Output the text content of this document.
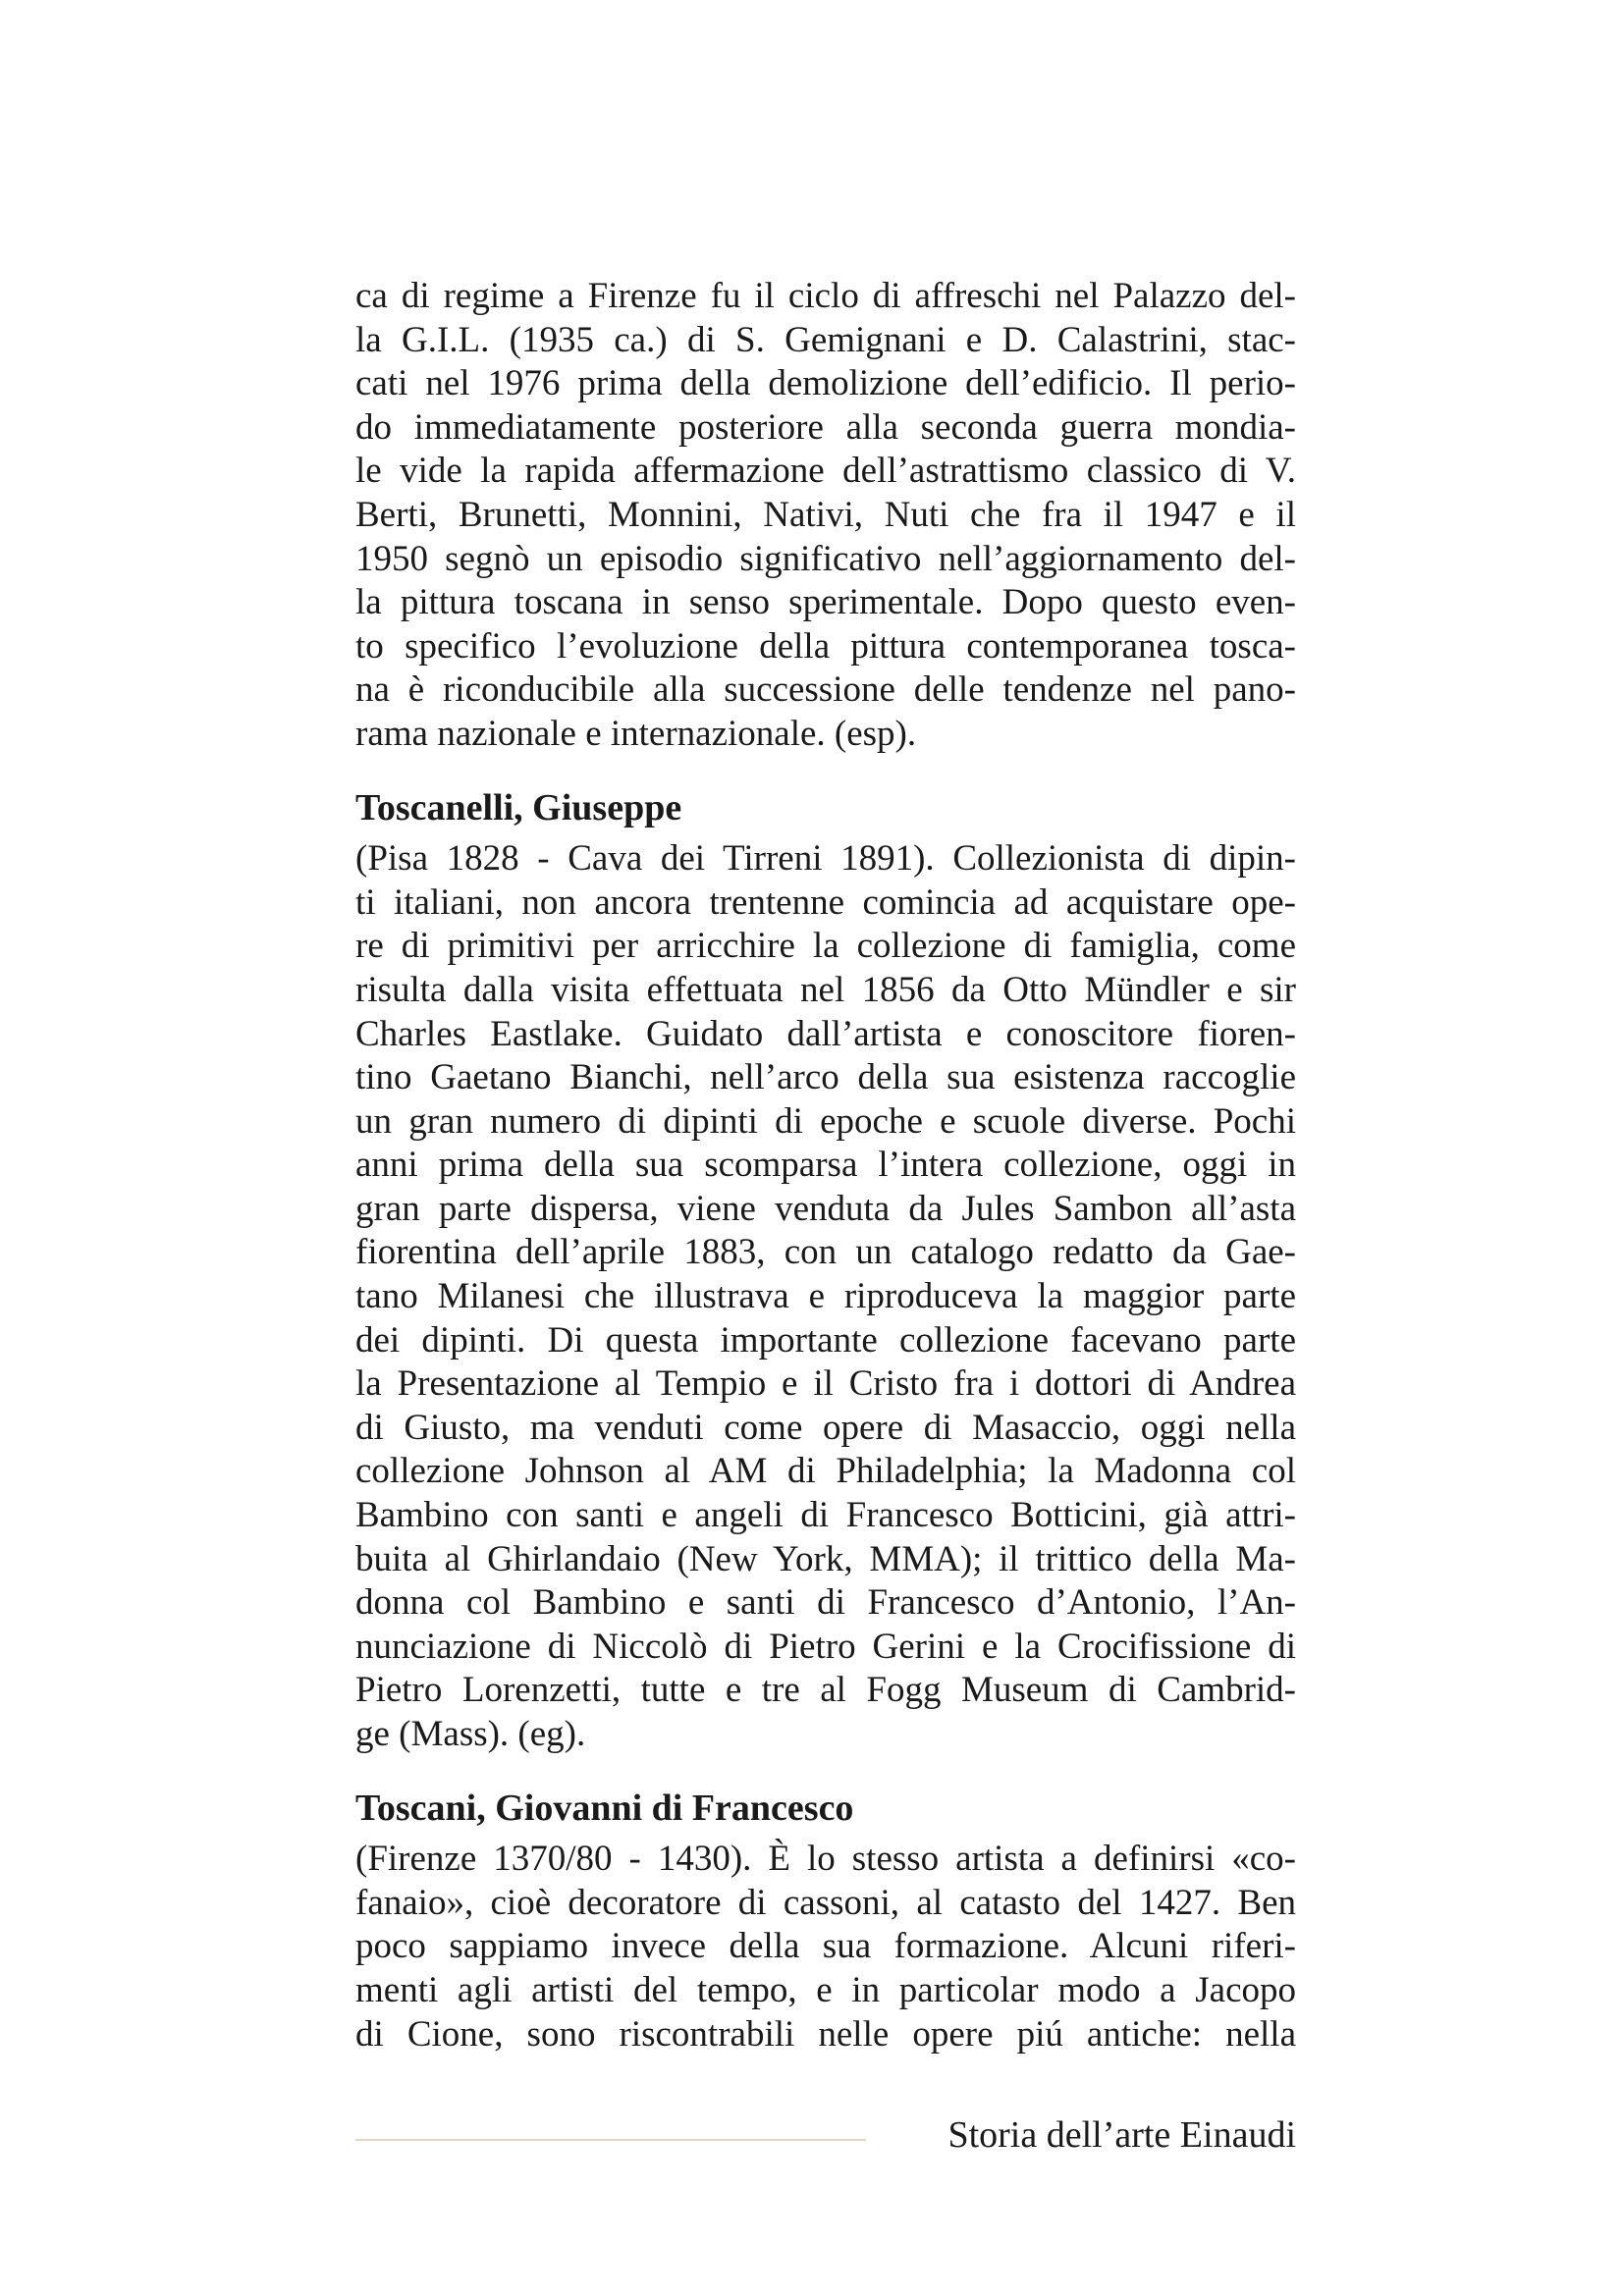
ca di regime a Firenze fu il ciclo di affreschi nel Palazzo del-
la G.I.L. (1935 ca.) di S. Gemignani e D. Calastrini, stac-
cati nel 1976 prima della demolizione dell’edificio. Il perio-
do immediatamente posteriore alla seconda guerra mondia-
le vide la rapida affermazione dell’astrattismo classico di V.
Berti, Brunetti, Monnini, Nativi, Nuti che fra il 1947 e il
1950 segnò un episodio significativo nell’aggiornamento del-
la pittura toscana in senso sperimentale. Dopo questo even-
to specifico l’evoluzione della pittura contemporanea tosca-
na è riconducibile alla successione delle tendenze nel pano-
rama nazionale e internazionale. (esp).
Toscanelli, Giuseppe
(Pisa 1828 - Cava dei Tirreni 1891). Collezionista di dipin-
ti italiani, non ancora trentenne comincia ad acquistare ope-
re di primitivi per arricchire la collezione di famiglia, come
risulta dalla visita effettuata nel 1856 da Otto Mündler e sir
Charles Eastlake. Guidato dall’artista e conoscitore fioren-
tino Gaetano Bianchi, nell’arco della sua esistenza raccoglie
un gran numero di dipinti di epoche e scuole diverse. Pochi
anni prima della sua scomparsa l’intera collezione, oggi in
gran parte dispersa, viene venduta da Jules Sambon all’asta
fiorentina dell’aprile 1883, con un catalogo redatto da Gae-
tano Milanesi che illustrava e riproduceva la maggior parte
dei dipinti. Di questa importante collezione facevano parte
la Presentazione al Tempio e il Cristo fra i dottori di Andrea
di Giusto, ma venduti come opere di Masaccio, oggi nella
collezione Johnson al AM di Philadelphia; la Madonna col
Bambino con santi e angeli di Francesco Botticini, già attri-
buita al Ghirlandaio (New York, MMA); il trittico della Ma-
donna col Bambino e santi di Francesco d’Antonio, l’An-
nunciazione di Niccolò di Pietro Gerini e la Crocifissione di
Pietro Lorenzetti, tutte e tre al Fogg Museum di Cambrid-
ge (Mass). (eg).
Toscani, Giovanni di Francesco
(Firenze 1370/80 - 1430). È lo stesso artista a definirsi «co-
fanaio», cioè decoratore di cassoni, al catasto del 1427. Ben
poco sappiamo invece della sua formazione. Alcuni riferi-
menti agli artisti del tempo, e in particolar modo a Jacopo
di Cione, sono riscontrabili nelle opere piú antiche: nella
Storia dell’arte Einaudi
